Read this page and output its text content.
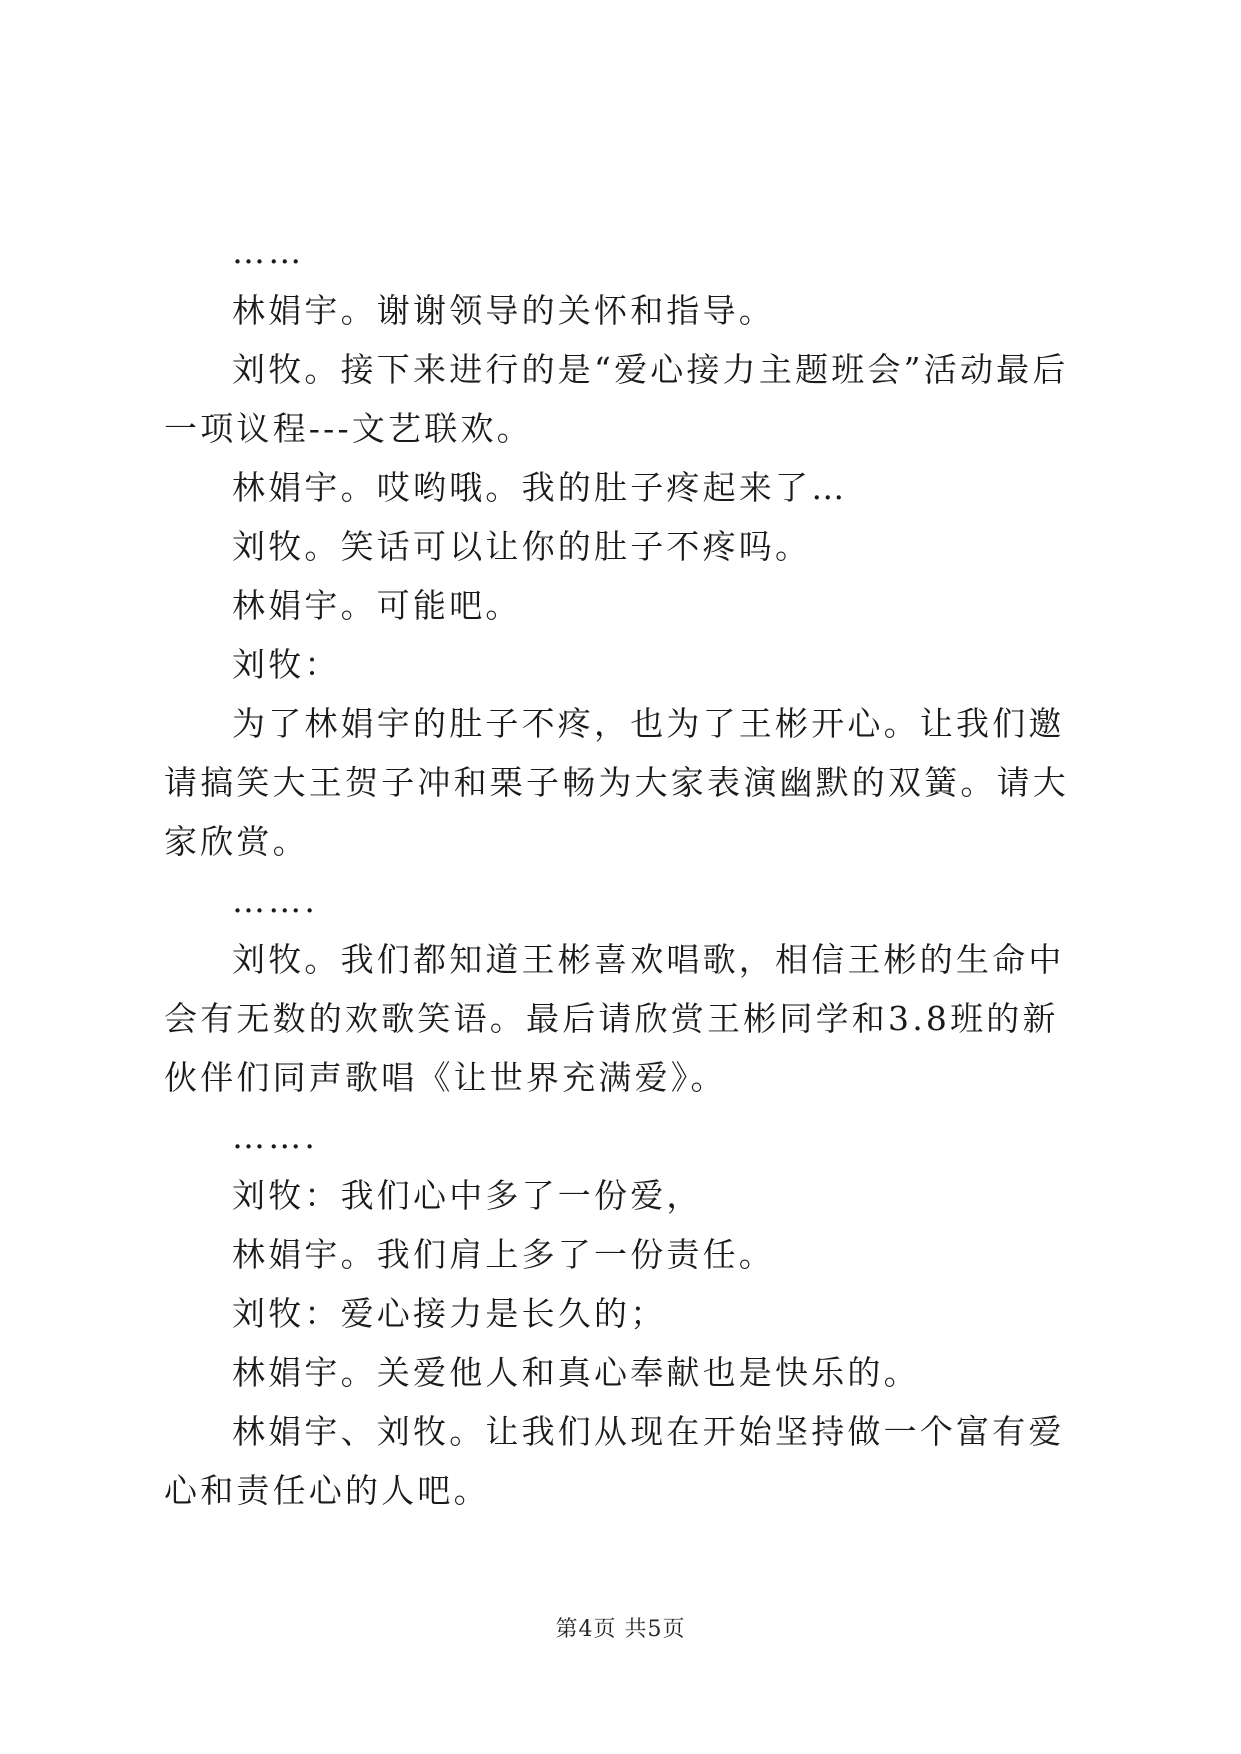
……

林娟宇。谢谢领导的关怀和指导。

刘牧。接下来进行的是“爱心接力主题班会”活动最后一项议程---文艺联欢。

林娟宇。哎哟哦。我的肚子疼起来了…

刘牧。笑话可以让你的肚子不疼吗。

林娟宇。可能吧。

刘牧：

为了林娟宇的肚子不疼，也为了王彬开心。让我们邀请搞笑大王贺子冲和栗子畅为大家表演幽默的双簧。请大家欣赏。

…….

刘牧。我们都知道王彬喜欢唱歌，相信王彬的生命中会有无数的欢歌笑语。最后请欣赏王彬同学和3.8班的新伙伴们同声歌唱《让世界充满爱》。

…….

刘牧：我们心中多了一份爱，

林娟宇。我们肩上多了一份责任。

刘牧：爱心接力是长久的；

林娟宇。关爱他人和真心奉献也是快乐的。

林娟宇、刘牧。让我们从现在开始坚持做一个富有爱心和责任心的人吧。

第4页 共5页
